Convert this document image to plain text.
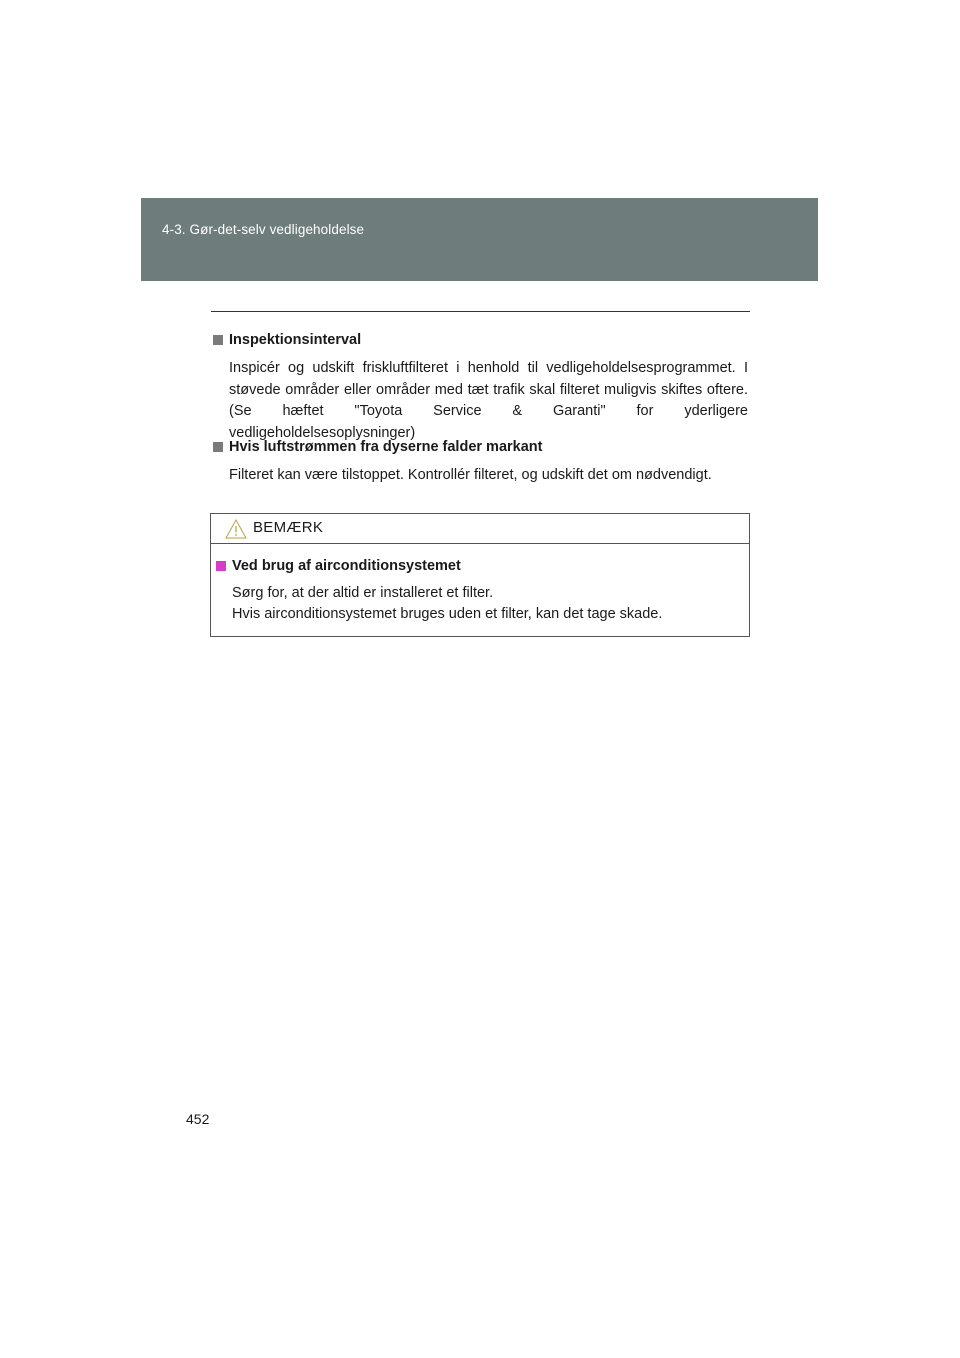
4-3. Gør-det-selv vedligeholdelse
Inspektionsinterval
Inspicér og udskift friskluftfilteret i henhold til vedligeholdelsesprogrammet. I støvede områder eller områder med tæt trafik skal filteret muligvis skiftes oftere. (Se hæftet "Toyota Service & Garanti" for yderligere vedligeholdelsesoplysninger)
Hvis luftstrømmen fra dyserne falder markant
Filteret kan være tilstoppet. Kontrollér filteret, og udskift det om nødvendigt.
BEMÆRK
Ved brug af airconditionsystemet
Sørg for, at der altid er installeret et filter.
Hvis airconditionsystemet bruges uden et filter, kan det tage skade.
452
